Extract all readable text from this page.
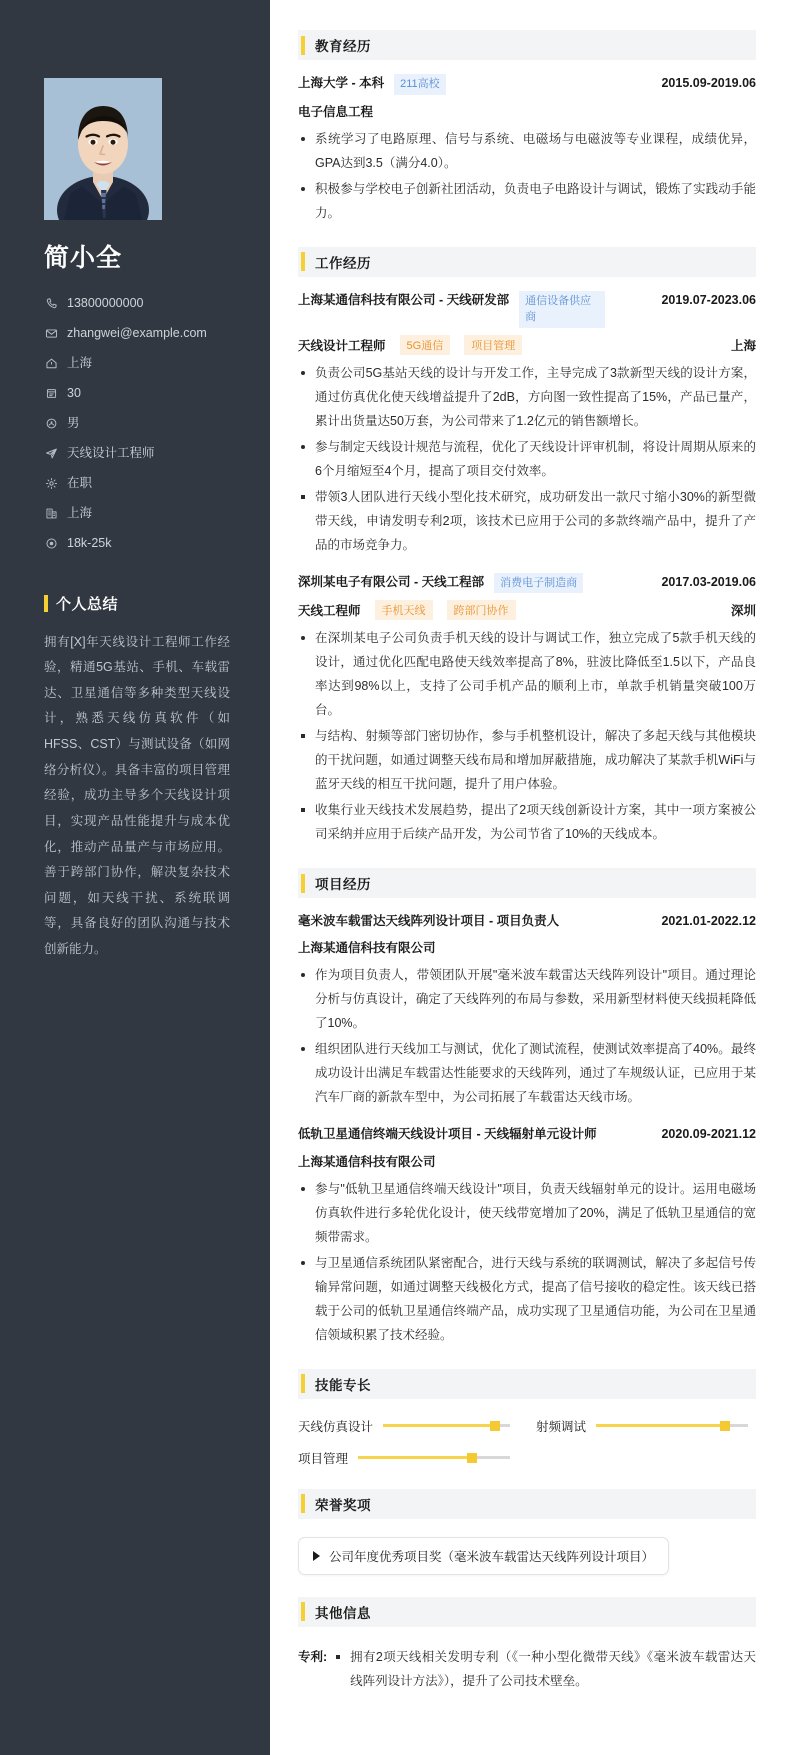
简小全
13800000000
zhangwei@example.com
上海
30
男
天线设计工程师
在职
上海
18k-25k
个人总结

拥有[X]年天线设计工程师工作经验，精通5G基站、手机、车载雷达、卫星通信等多种类型天线设计，熟悉天线仿真软件（如HFSS、CST）与测试设备（如网络分析仪）。具备丰富的项目管理经验，成功主导多个天线设计项目，实现产品性能提升与成本优化，推动产品量产与市场应用。善于跨部门协作，解决复杂技术问题，如天线干扰、系统联调等，具备良好的团队沟通与技术创新能力。

教育经历
上海大学 - 本科	211高校	2015.09-2019.06
电子信息工程
系统学习了电路原理、信号与系统、电磁场与电磁波等专业课程，成绩优异，GPA达到3.5（满分4.0）。
积极参与学校电子创新社团活动，负责电子电路设计与调试，锻炼了实践动手能力。
工作经历
上海某通信科技有限公司 - 天线研发部	通信设备供应商
2019.07-2023.06
天线设计工程师	5G通信	项目管理	上海
负责公司5G基站天线的设计与开发工作，主导完成了3款新型天线的设计方案，通过仿真优化使天线增益提升了2dB，方向图一致性提高了15%，产品已量产，累计出货量达50万套，为公司带来了1.2亿元的销售额增长。
参与制定天线设计规范与流程，优化了天线设计评审机制，将设计周期从原来的6个月缩短至4个月，提高了项目交付效率。
带领3人团队进行天线小型化技术研究，成功研发出一款尺寸缩小30%的新型微带天线，申请发明专利2项，该技术已应用于公司的多款终端产品中，提升了产品的市场竞争力。
深圳某电子有限公司 - 天线工程部	消费电子制造商	2017.03-2019.06
天线工程师	手机天线	跨部门协作	深圳
在深圳某电子公司负责手机天线的设计与调试工作，独立完成了5款手机天线的设计，通过优化匹配电路使天线效率提高了8%，驻波比降低至1.5以下，产品良率达到98%以上，支持了公司手机产品的顺利上市，单款手机销量突破100万台。
与结构、射频等部门密切协作，参与手机整机设计，解决了多起天线与其他模块的干扰问题，如通过调整天线布局和增加屏蔽措施，成功解决了某款手机WiFi与蓝牙天线的相互干扰问题，提升了用户体验。
收集行业天线技术发展趋势，提出了2项天线创新设计方案，其中一项方案被公司采纳并应用于后续产品开发，为公司节省了10%的天线成本。
项目经历
毫米波车载雷达天线阵列设计项目 - 项目负责人	2021.01-2022.12
上海某通信科技有限公司
作为项目负责人，带领团队开展"毫米波车载雷达天线阵列设计"项目。通过理论分析与仿真设计，确定了天线阵列的布局与参数，采用新型材料使天线损耗降低了10%。
组织团队进行天线加工与测试，优化了测试流程，使测试效率提高了40%。最终成功设计出满足车载雷达性能要求的天线阵列，通过了车规级认证，已应用于某汽车厂商的新款车型中，为公司拓展了车载雷达天线市场。
低轨卫星通信终端天线设计项目 - 天线辐射单元设计师	2020.09-2021.12
上海某通信科技有限公司
参与"低轨卫星通信终端天线设计"项目，负责天线辐射单元的设计。运用电磁场仿真软件进行多轮优化设计，使天线带宽增加了20%，满足了低轨卫星通信的宽频带需求。
与卫星通信系统团队紧密配合，进行天线与系统的联调测试，解决了多起信号传输异常问题，如通过调整天线极化方式，提高了信号接收的稳定性。该天线已搭载于公司的低轨卫星通信终端产品，成功实现了卫星通信功能，为公司在卫星通信领域积累了技术经验。
技能专长
天线仿真设计	射频调试
项目管理
荣誉奖项
公司年度优秀项目奖（毫米波车载雷达天线阵列设计项目）
其他信息
专利:	拥有2项天线相关发明专利（《一种小型化微带天线》《毫米波车载雷达天线阵列设计方法》），提升了公司技术壁垒。
